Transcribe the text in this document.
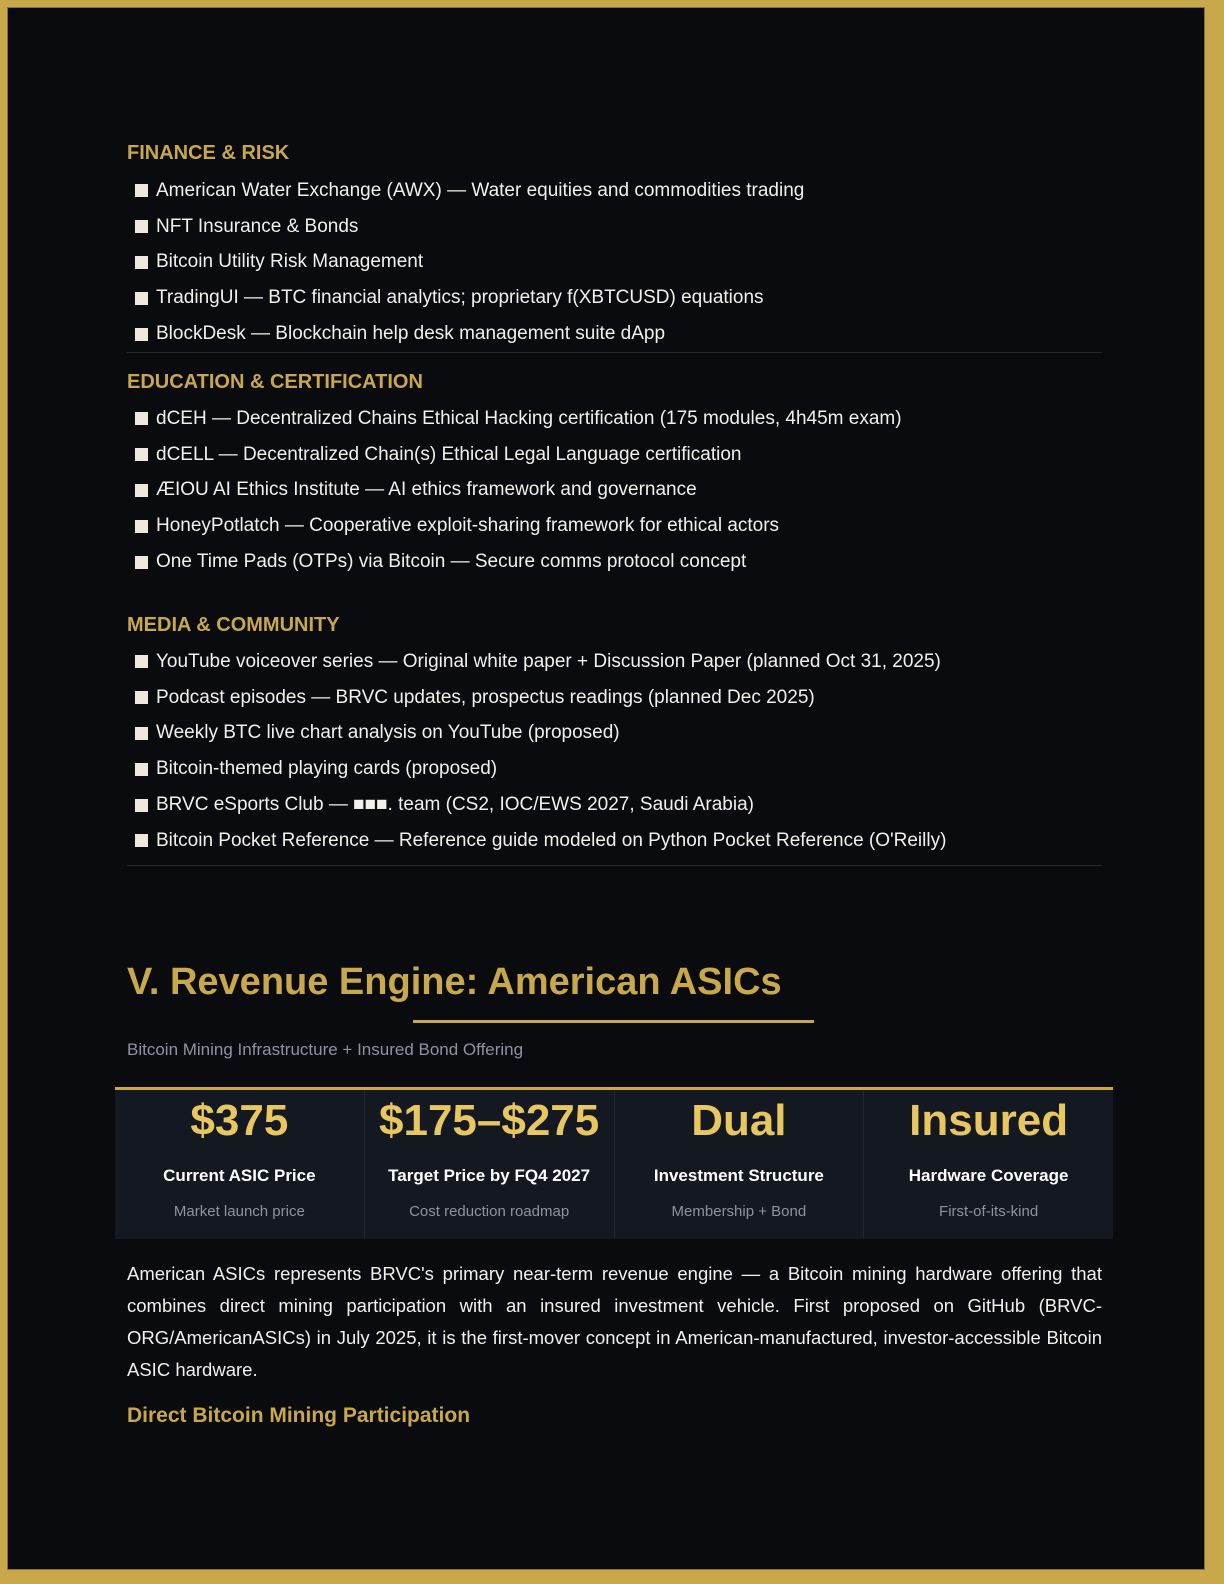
FINANCE & RISK
American Water Exchange (AWX) — Water equities and commodities trading
NFT Insurance & Bonds
Bitcoin Utility Risk Management
TradingUI — BTC financial analytics; proprietary f(XBTCUSD) equations
BlockDesk — Blockchain help desk management suite dApp
EDUCATION & CERTIFICATION
dCEH — Decentralized Chains Ethical Hacking certification (175 modules, 4h45m exam)
dCELL — Decentralized Chain(s) Ethical Legal Language certification
ÆIOU AI Ethics Institute — AI ethics framework and governance
HoneyPotlatch — Cooperative exploit-sharing framework for ethical actors
One Time Pads (OTPs) via Bitcoin — Secure comms protocol concept
MEDIA & COMMUNITY
YouTube voiceover series — Original white paper + Discussion Paper (planned Oct 31, 2025)
Podcast episodes — BRVC updates, prospectus readings (planned Dec 2025)
Weekly BTC live chart analysis on YouTube (proposed)
Bitcoin-themed playing cards (proposed)
BRVC eSports Club — ■■■. team (CS2, IOC/EWS 2027, Saudi Arabia)
Bitcoin Pocket Reference — Reference guide modeled on Python Pocket Reference (O'Reilly)
V. Revenue Engine: American ASICs
Bitcoin Mining Infrastructure + Insured Bond Offering
$375
Current ASIC Price
Market launch price
$175–$275
Target Price by FQ4 2027
Cost reduction roadmap
Dual
Investment Structure
Membership + Bond
Insured
Hardware Coverage
First-of-its-kind
American ASICs represents BRVC's primary near-term revenue engine — a Bitcoin mining hardware offering that combines direct mining participation with an insured investment vehicle. First proposed on GitHub (BRVC-ORG/AmericanASICs) in July 2025, it is the first-mover concept in American-manufactured, investor-accessible Bitcoin ASIC hardware.
Direct Bitcoin Mining Participation
